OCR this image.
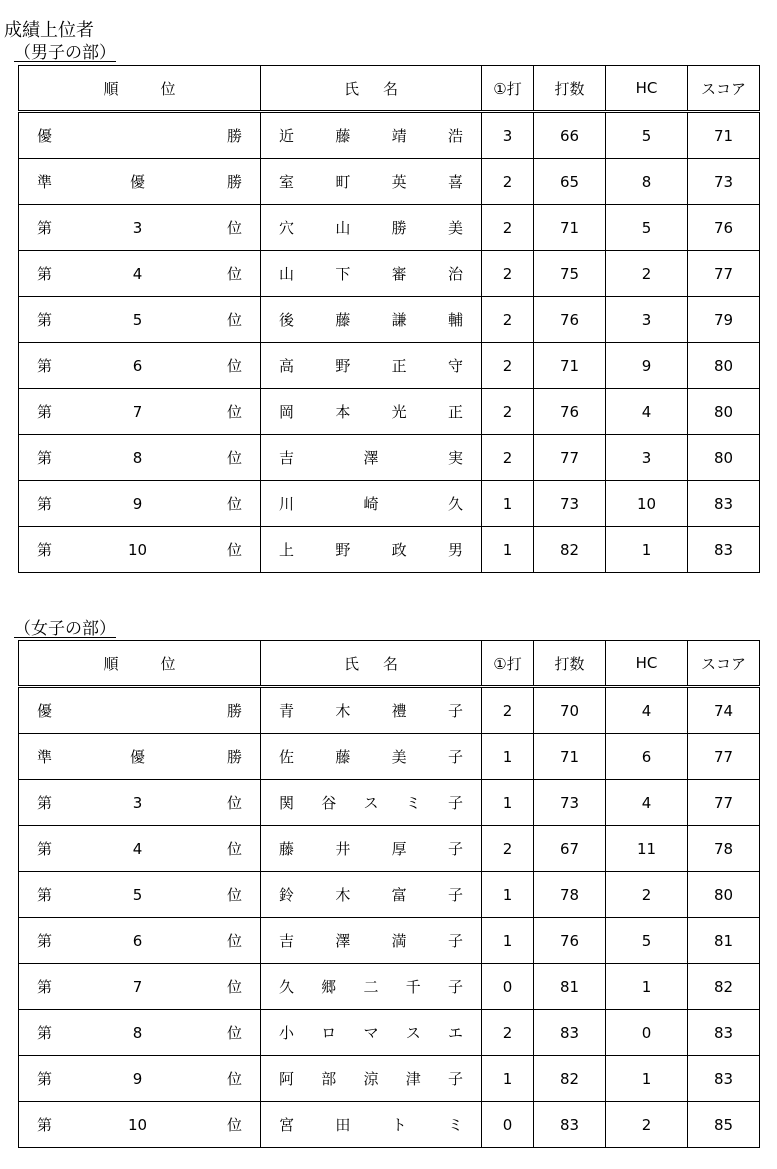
成績上位者
（男子の部）
順 位	氏 名	①打	打数	HC	スコア

優 勝	近 藤 靖 浩	3	66	5	71

準 優 勝	室 町 英 喜	2	65	8	73

第 3 位	穴 山 勝 美	2	71	5	76

第 4 位	山 下 審 治	2	75	2	77

第 5 位	後 藤 謙 輔	2	76	3	79

第 6 位	高 野 正 守	2	71	9	80

第 7 位	岡 本 光 正	2	76	4	80

第 8 位	吉 澤 実	2	77	3	80

第 9 位	川 崎 久	1	73	10	83

第 10 位	上 野 政 男	1	82	1	83
（女子の部）
順 位	氏 名	①打	打数	HC	スコア

優 勝	青 木 禮 子	2	70	4	74

準 優 勝	佐 藤 美 子	1	71	6	77

第 3 位	関 谷 ス ミ 子	1	73	4	77

第 4 位	藤 井 厚 子	2	67	11	78

第 5 位	鈴 木 富 子	1	78	2	80

第 6 位	吉 澤 満 子	1	76	5	81

第 7 位	久 郷 二 千 子	0	81	1	82

第 8 位	小 ロ マ ス エ	2	83	0	83

第 9 位	阿 部 涼 津 子	1	82	1	83

第 10 位	宮 田 ト ミ	0	83	2	85
